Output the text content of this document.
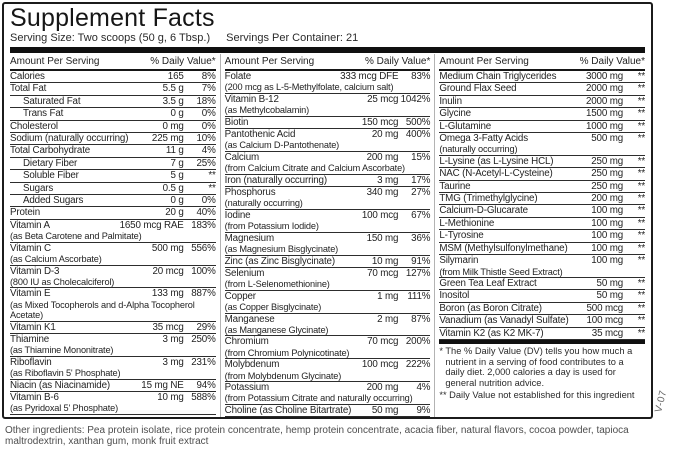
Supplement Facts
Serving Size: Two scoops (50 g, 6 Tbsp.) Servings Per Container: 21
Amount Per Serving	% Daily Value*
Calories	165	8%
Total Fat	5.5 g	7%
Saturated Fat	3.5 g	18%
Trans Fat	0 g	0%
Cholesterol	0 mg	0%
Sodium (naturally occurring)	225 mg	10%
Total Carbohydrate	11 g	4%
Dietary Fiber	7 g	25%
Soluble Fiber	5 g	**
Sugars	0.5 g	**
Added Sugars	0 g	0%
Protein	20 g	40%
Vitamin A	1650 mcg RAE 183%
(as Beta Carotene and Palmitate)
Vitamin C	500 mg 556%
(as Calcium Ascorbate)
Vitamin D-3	20 mcg 100%
(800 IU as Cholecalciferol)
Vitamin E	133 mg 887%
(as Mixed Tocopherols and d-Alpha Tocopherol Acetate)
Vitamin K1	35 mcg	29%
Thiamine	3 mg 250%
(as Thiamine Mononitrate)
Riboflavin	3 mg 231%
(as Riboflavin 5' Phosphate)
Niacin (as Niacinamide)	15 mg NE	94%
Vitamin B-6	10 mg 588%
(as Pyridoxal 5' Phosphate)
Amount Per Serving	% Daily Value*
Folate	333 mcg DFE	83%
(200 mcg as L-5-Methylfolate, calcium salt)
Vitamin B-12	25 mcg 1042%
(as Methylcobalamin)
Biotin	150 mcg 500%
Pantothenic Acid	20 mg 400%
(as Calcium D-Pantothenate)
Calcium	200 mg	15%
(from Calcium Citrate and Calcium Ascorbate)
Iron (naturally occurring)	3 mg	17%
Phosphorus	340 mg	27%
(naturally occurring)
Iodine	100 mcg	67%
(from Potassium Iodide)
Magnesium	150 mg	36%
(as Magnesium Bisglycinate)
Zinc (as Zinc Bisglycinate)	10 mg	91%
Selenium	70 mcg 127%
(from L-Selenomethionine)
Copper	1 mg 111%
(as Copper Bisglycinate)
Manganese	2 mg	87%
(as Manganese Glycinate)
Chromium	70 mcg 200%
(from Chromium Polynicotinate)
Molybdenum	100 mcg 222%
(from Molybdenum Glycinate)
Potassium	200 mg	4%
(from Potassium Citrate and naturally occurring)
Choline (as Choline Bitartrate)	50 mg	9%
Amount Per Serving	% Daily Value*
Medium Chain Triglycerides	3000 mg	**
Ground Flax Seed	2000 mg	**
Inulin	2000 mg	**
Glycine	1500 mg	**
L-Glutamine	1000 mg	**
Omega 3-Fatty Acids	500 mg	**
(naturally occurring)
L-Lysine (as L-Lysine HCL)	250 mg	**
NAC (N-Acetyl-L-Cysteine)	250 mg	**
Taurine	250 mg	**
TMG (Trimethylglycine)	200 mg	**
Calcium-D-Glucarate	100 mg	**
L-Methionine	100 mg	**
L-Tyrosine	100 mg	**
MSM (Methylsulfonylmethane)	100 mg	**
Silymarin	100 mg	**
(from Milk Thistle Seed Extract)
Green Tea Leaf Extract	50 mg	**
Inositol	50 mg	**
Boron (as Boron Citrate)	500 mcg	**
Vanadium (as Vanadyl Sulfate)	100 mcg	**
Vitamin K2 (as K2 MK-7)	35 mcg	**
* The % Daily Value (DV) tells you how much a nutrient in a serving of food contributes to a daily diet. 2,000 calories a day is used for general nutrition advice.
** Daily Value not established for this ingredient
Other ingredients: Pea protein isolate, rice protein concentrate, hemp protein concentrate, acacia fiber, natural flavors, cocoa powder, tapioca maltrodextrin, xanthan gum, monk fruit extract
V-07
